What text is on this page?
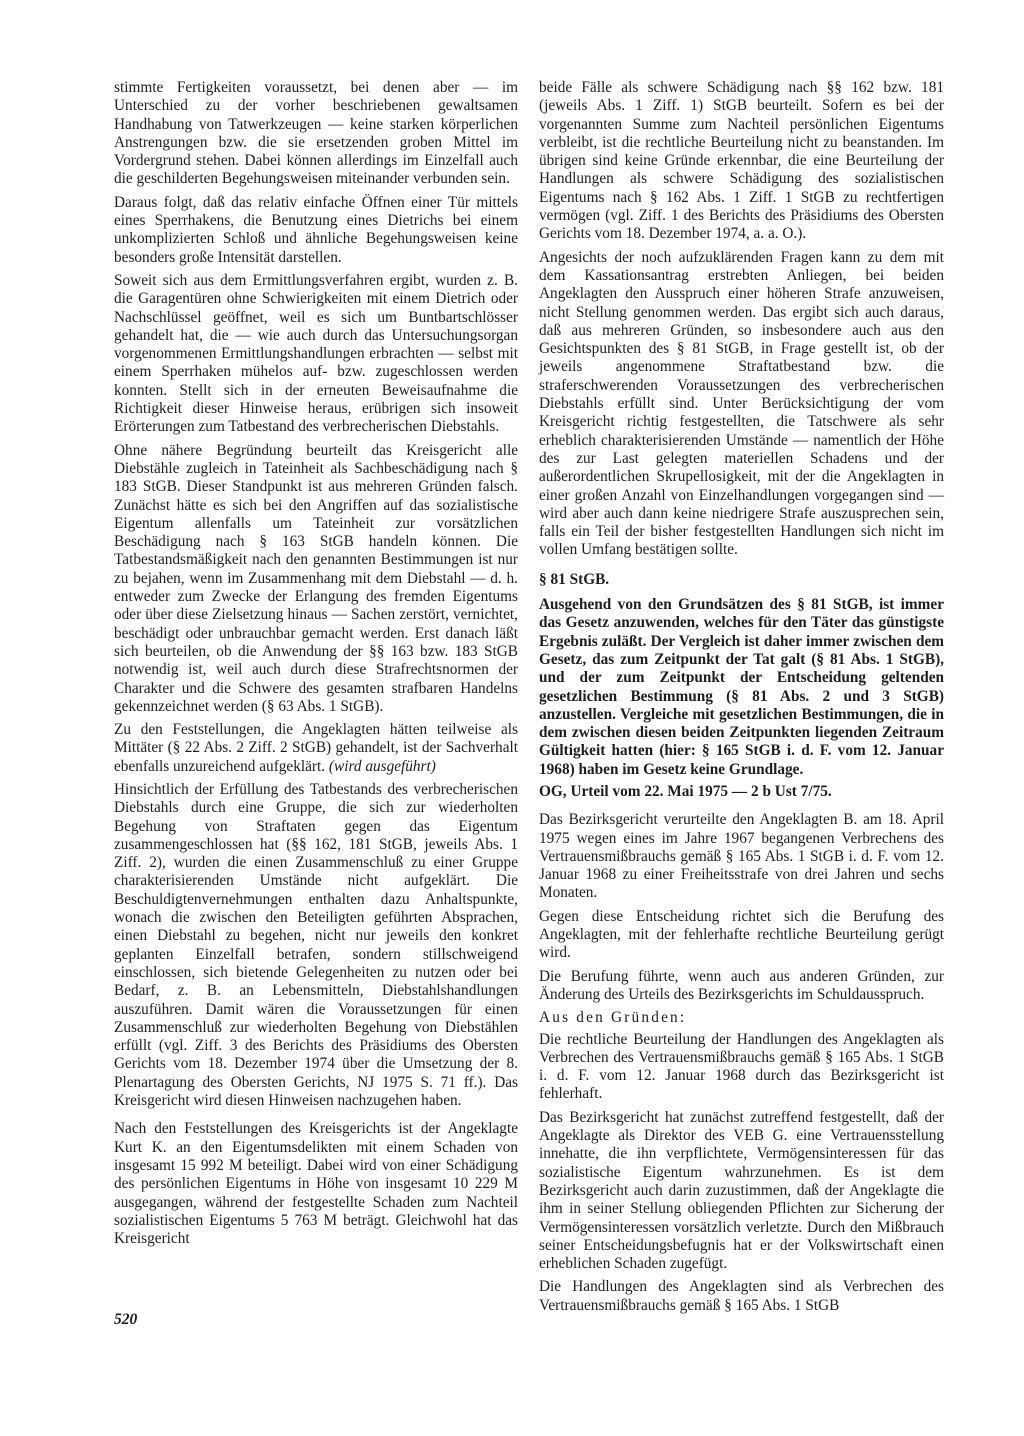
stimmte Fertigkeiten voraussetzt, bei denen aber — im Unterschied zu der vorher beschriebenen gewaltsamen Handhabung von Tatwerkzeugen — keine starken körperlichen Anstrengungen bzw. die sie ersetzenden groben Mittel im Vordergrund stehen. Dabei können allerdings im Einzelfall auch die geschilderten Begehungsweisen miteinander verbunden sein.

Daraus folgt, daß das relativ einfache Öffnen einer Tür mittels eines Sperrhakens, die Benutzung eines Dietrichs bei einem unkomplizierten Schloß und ähnliche Begehungsweisen keine besonders große Intensität darstellen.

Soweit sich aus dem Ermittlungsverfahren ergibt, wurden z. B. die Garagentüren ohne Schwierigkeiten mit einem Dietrich oder Nachschlüssel geöffnet, weil es sich um Buntbartschlösser gehandelt hat, die — wie auch durch das Untersuchungsorgan vorgenommenen Ermittlungshandlungen erbrachten — selbst mit einem Sperrhaken mühelos auf- bzw. zugeschlossen werden konnten. Stellt sich in der erneuten Beweisaufnahme die Richtigkeit dieser Hinweise heraus, erübrigen sich insoweit Erörterungen zum Tatbestand des verbrecherischen Diebstahls.

Ohne nähere Begründung beurteilt das Kreisgericht alle Diebstähle zugleich in Tateinheit als Sachbeschädigung nach § 183 StGB. Dieser Standpunkt ist aus mehreren Gründen falsch. Zunächst hätte es sich bei den Angriffen auf das sozialistische Eigentum allenfalls um Tateinheit zur vorsätzlichen Beschädigung nach § 163 StGB handeln können. Die Tatbestandsmäßigkeit nach den genannten Bestimmungen ist nur zu bejahen, wenn im Zusammenhang mit dem Diebstahl — d. h. entweder zum Zwecke der Erlangung des fremden Eigentums oder über diese Zielsetzung hinaus — Sachen zerstört, vernichtet, beschädigt oder unbrauchbar gemacht werden. Erst danach läßt sich beurteilen, ob die Anwendung der §§ 163 bzw. 183 StGB notwendig ist, weil auch durch diese Strafrechtsnormen der Charakter und die Schwere des gesamten strafbaren Handelns gekennzeichnet werden (§ 63 Abs. 1 StGB).

Zu den Feststellungen, die Angeklagten hätten teilweise als Mittäter (§ 22 Abs. 2 Ziff. 2 StGB) gehandelt, ist der Sachverhalt ebenfalls unzureichend aufgeklärt. (wird ausgeführt)

Hinsichtlich der Erfüllung des Tatbestands des verbrecherischen Diebstahls durch eine Gruppe, die sich zur wiederholten Begehung von Straftaten gegen das Eigentum zusammengeschlossen hat (§§ 162, 181 StGB, jeweils Abs. 1 Ziff. 2), wurden die einen Zusammenschluß zu einer Gruppe charakterisierenden Umstände nicht aufgeklärt. Die Beschuldigtenvernehmungen enthalten dazu Anhaltspunkte, wonach die zwischen den Beteiligten geführten Absprachen, einen Diebstahl zu begehen, nicht nur jeweils den konkret geplanten Einzelfall betrafen, sondern stillschweigend einschlossen, sich bietende Gelegenheiten zu nutzen oder bei Bedarf, z. B. an Lebensmitteln, Diebstahlshandlungen auszuführen. Damit wären die Voraussetzungen für einen Zusammenschluß zur wiederholten Begehung von Diebstählen erfüllt (vgl. Ziff. 3 des Berichts des Präsidiums des Obersten Gerichts vom 18. Dezember 1974 über die Umsetzung der 8. Plenartagung des Obersten Gerichts, NJ 1975 S. 71 ff.). Das Kreisgericht wird diesen Hinweisen nachzugehen haben.

Nach den Feststellungen des Kreisgerichts ist der Angeklagte Kurt K. an den Eigentumsdelikten mit einem Schaden von insgesamt 15 992 M beteiligt. Dabei wird von einer Schädigung des persönlichen Eigentums in Höhe von insgesamt 10 229 M ausgegangen, während der festgestellte Schaden zum Nachteil sozialistischen Eigentums 5 763 M beträgt. Gleichwohl hat das Kreisgericht

beide Fälle als schwere Schädigung nach §§ 162 bzw. 181 (jeweils Abs. 1 Ziff. 1) StGB beurteilt. Sofern es bei der vorgenannten Summe zum Nachteil persönlichen Eigentums verbleibt, ist die rechtliche Beurteilung nicht zu beanstanden. Im übrigen sind keine Gründe erkennbar, die eine Beurteilung der Handlungen als schwere Schädigung des sozialistischen Eigentums nach § 162 Abs. 1 Ziff. 1 StGB zu rechtfertigen vermögen (vgl. Ziff. 1 des Berichts des Präsidiums des Obersten Gerichts vom 18. Dezember 1974, a. a. O.).

Angesichts der noch aufzuklärenden Fragen kann zu dem mit dem Kassationsantrag erstrebten Anliegen, bei beiden Angeklagten den Ausspruch einer höheren Strafe anzuweisen, nicht Stellung genommen werden. Das ergibt sich auch daraus, daß aus mehreren Gründen, so insbesondere auch aus den Gesichtspunkten des § 81 StGB, in Frage gestellt ist, ob der jeweils angenommene Straftatbestand bzw. die straferschwerenden Voraussetzungen des verbrecherischen Diebstahls erfüllt sind. Unter Berücksichtigung der vom Kreisgericht richtig festgestellten, die Tatschwere als sehr erheblich charakterisierenden Umstände — namentlich der Höhe des zur Last gelegten materiellen Schadens und der außerordentlichen Skrupellosigkeit, mit der die Angeklagten in einer großen Anzahl von Einzelhandlungen vorgegangen sind — wird aber auch dann keine niedrigere Strafe auszusprechen sein, falls ein Teil der bisher festgestellten Handlungen sich nicht im vollen Umfang bestätigen sollte.

§ 81 StGB.

Ausgehend von den Grundsätzen des § 81 StGB, ist immer das Gesetz anzuwenden, welches für den Täter das günstigste Ergebnis zuläßt. Der Vergleich ist daher immer zwischen dem Gesetz, das zum Zeitpunkt der Tat galt (§ 81 Abs. 1 StGB), und der zum Zeitpunkt der Entscheidung geltenden gesetzlichen Bestimmung (§ 81 Abs. 2 und 3 StGB) anzustellen. Vergleiche mit gesetzlichen Bestimmungen, die in dem zwischen diesen beiden Zeitpunkten liegenden Zeitraum Gültigkeit hatten (hier: § 165 StGB i. d. F. vom 12. Januar 1968) haben im Gesetz keine Grundlage.

OG, Urteil vom 22. Mai 1975 — 2 b Ust 7/75.

Das Bezirksgericht verurteilte den Angeklagten B. am 18. April 1975 wegen eines im Jahre 1967 begangenen Verbrechens des Vertrauensmißbrauchs gemäß § 165 Abs. 1 StGB i. d. F. vom 12. Januar 1968 zu einer Freiheitsstrafe von drei Jahren und sechs Monaten.

Gegen diese Entscheidung richtet sich die Berufung des Angeklagten, mit der fehlerhafte rechtliche Beurteilung gerügt wird.

Die Berufung führte, wenn auch aus anderen Gründen, zur Änderung des Urteils des Bezirksgerichts im Schuldausspruch.

Aus den Gründen:

Die rechtliche Beurteilung der Handlungen des Angeklagten als Verbrechen des Vertrauensmißbrauchs gemäß § 165 Abs. 1 StGB i. d. F. vom 12. Januar 1968 durch das Bezirksgericht ist fehlerhaft.

Das Bezirksgericht hat zunächst zutreffend festgestellt, daß der Angeklagte als Direktor des VEB G. eine Vertrauensstellung innehatte, die ihn verpflichtete, Vermögensinteressen für das sozialistische Eigentum wahrzunehmen. Es ist dem Bezirksgericht auch darin zuzustimmen, daß der Angeklagte die ihm in seiner Stellung obliegenden Pflichten zur Sicherung der Vermögensinteressen vorsätzlich verletzte. Durch den Mißbrauch seiner Entscheidungsbefugnis hat er der Volkswirtschaft einen erheblichen Schaden zugefügt.

Die Handlungen des Angeklagten sind als Verbrechen des Vertrauensmißbrauchs gemäß § 165 Abs. 1 StGB

520
